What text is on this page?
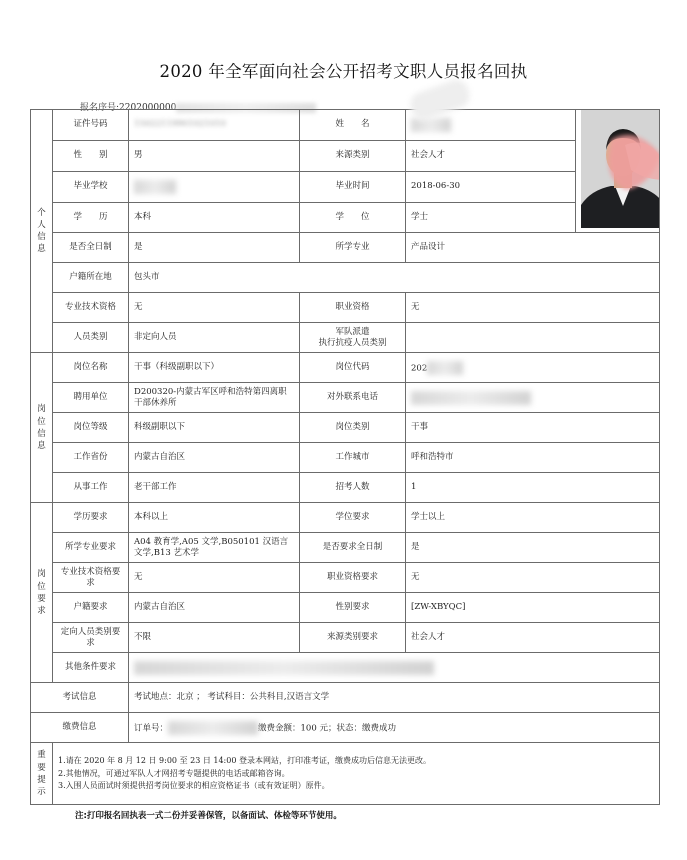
2020 年全军面向社会公开招考文职人员报名回执
报名序号:2202000000
个人信息	证件号码	15022119901021010	姓　　名		
	性　　别	男	来源类别	社会人才	
	毕业学校		毕业时间	2018-06-30	
	学　　历	本科	学　　位	学士	
	是否全日制	是	所学专业	产品设计	
	户籍所在地	包头市			
	专业技术资格	无	职业资格	无	
	人员类别	非定向人员	军队派遣
执行抗疫人员类别		

岗位信息	岗位名称	干事（科级副职以下）	岗位代码	202	
	聘用单位	D200320-内蒙古军区呼和浩特第四离职干部休养所	对外联系电话		
	岗位等级	科级副职以下	岗位类别	干事	
	工作省份	内蒙古自治区	工作城市	呼和浩特市	
	从事工作	老干部工作	招考人数	1	
岗位要求	学历要求	本科以上	学位要求	学士以上	
	所学专业要求	A04 教育学,A05 文学,B050101 汉语言文学,B13 艺术学	是否要求全日制	是	
	专业技术资格要求	无	职业资格要求	无	
	户籍要求	内蒙古自治区	性别要求	[ZW-XBYQC]	
	定向人员类别要求	不限	来源类别要求	社会人才	
	其他条件要求				
考试信息		考试地点：北京 ； 考试科目：公共科目,汉语言文学			
缴费信息		订单号： 缴费金额：100 元；状态：缴费成功			
重要提示	1.请在 2020 年 8 月 12 日 9:00 至 23 日 14:00 登录本网站，打印准考证，缴费成功后信息无法更改。
2.其他情况，可通过军队人才网招考专题提供的电话或邮箱咨询。
3.入围人员面试时须提供招考岗位要求的相应资格证书（或有效证明）原件。				
注:打印报名回执表一式二份并妥善保管，以备面试、体检等环节使用。
